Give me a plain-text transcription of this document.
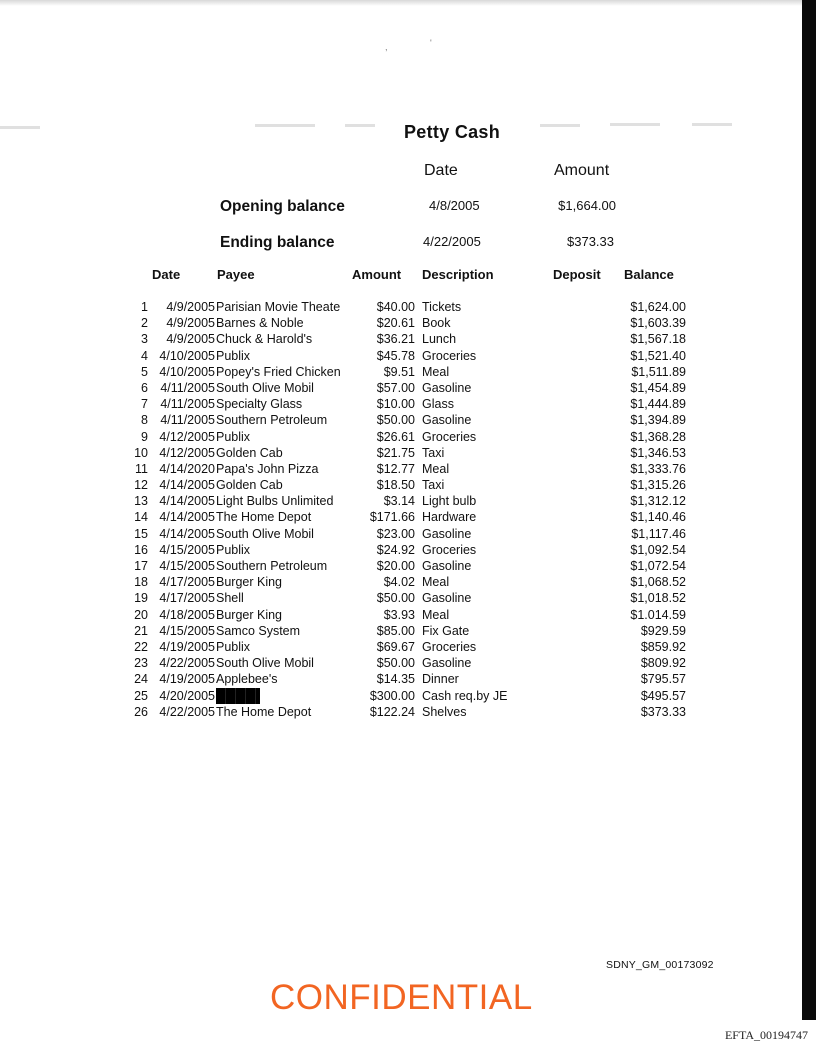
,	'
Petty Cash
Date	Amount
Opening balance	4/8/2005	$1,664.00
Ending balance	4/22/2005	$373.33
Date	Payee	Amount Description	Deposit Balance
1	4/9/2005 Parisian Movie Theate	$40.00 Tickets	$1,624.00
2	4/9/2005 Barnes & Noble	$20.61 Book	$1,603.39
3	4/9/2005 Chuck & Harold's	$36.21 Lunch	$1,567.18
4 4/10/2005 Publix	$45.78 Groceries	$1,521.40
5 4/10/2005 Popey's Fried Chicken	$9.51 Meal	$1,511.89
6 4/11/2005 South Olive Mobil	$57.00 Gasoline	$1,454.89
7 4/11/2005 Specialty Glass	$10.00 Glass	$1,444.89
8 4/11/2005 Southern Petroleum	$50.00 Gasoline	$1,394.89
9 4/12/2005 Publix	$26.61 Groceries	$1,368.28
10 4/12/2005 Golden Cab	$21.75 Taxi	$1,346.53
11 4/14/2020 Papa's John Pizza	$12.77 Meal	$1,333.76
12 4/14/2005 Golden Cab	$18.50 Taxi	$1,315.26
13 4/14/2005 Light Bulbs Unlimited	$3.14 Light bulb	$1,312.12
14 4/14/2005 The Home Depot	$171.66 Hardware	$1,140.46
15 4/14/2005 South Olive Mobil	$23.00 Gasoline	$1,117.46
16 4/15/2005 Publix	$24.92 Groceries	$1,092.54
17 4/15/2005 Southern Petroleum	$20.00 Gasoline	$1,072.54
18 4/17/2005 Burger King	$4.02 Meal	$1,068.52
19 4/17/2005 Shell	$50.00 Gasoline	$1,018.52
20 4/18/2005 Burger King	$3.93 Meal	$1.014.59
21 4/15/2005 Samco System	$85.00 Fix Gate	$929.59
22 4/19/2005 Publix	$69.67 Groceries	$859.92
23 4/22/2005 South Olive Mobil	$50.00 Gasoline	$809.92
24 4/19/2005 Applebee's	$14.35 Dinner	$795.57
25 4/20/2005	$300.00 Cash req.by JE	$495.57
26 4/22/2005 The Home Depot	$122.24 Shelves	$373.33
SDNY_GM_00173092
CONFIDENTIAL
EFTA_00194747
